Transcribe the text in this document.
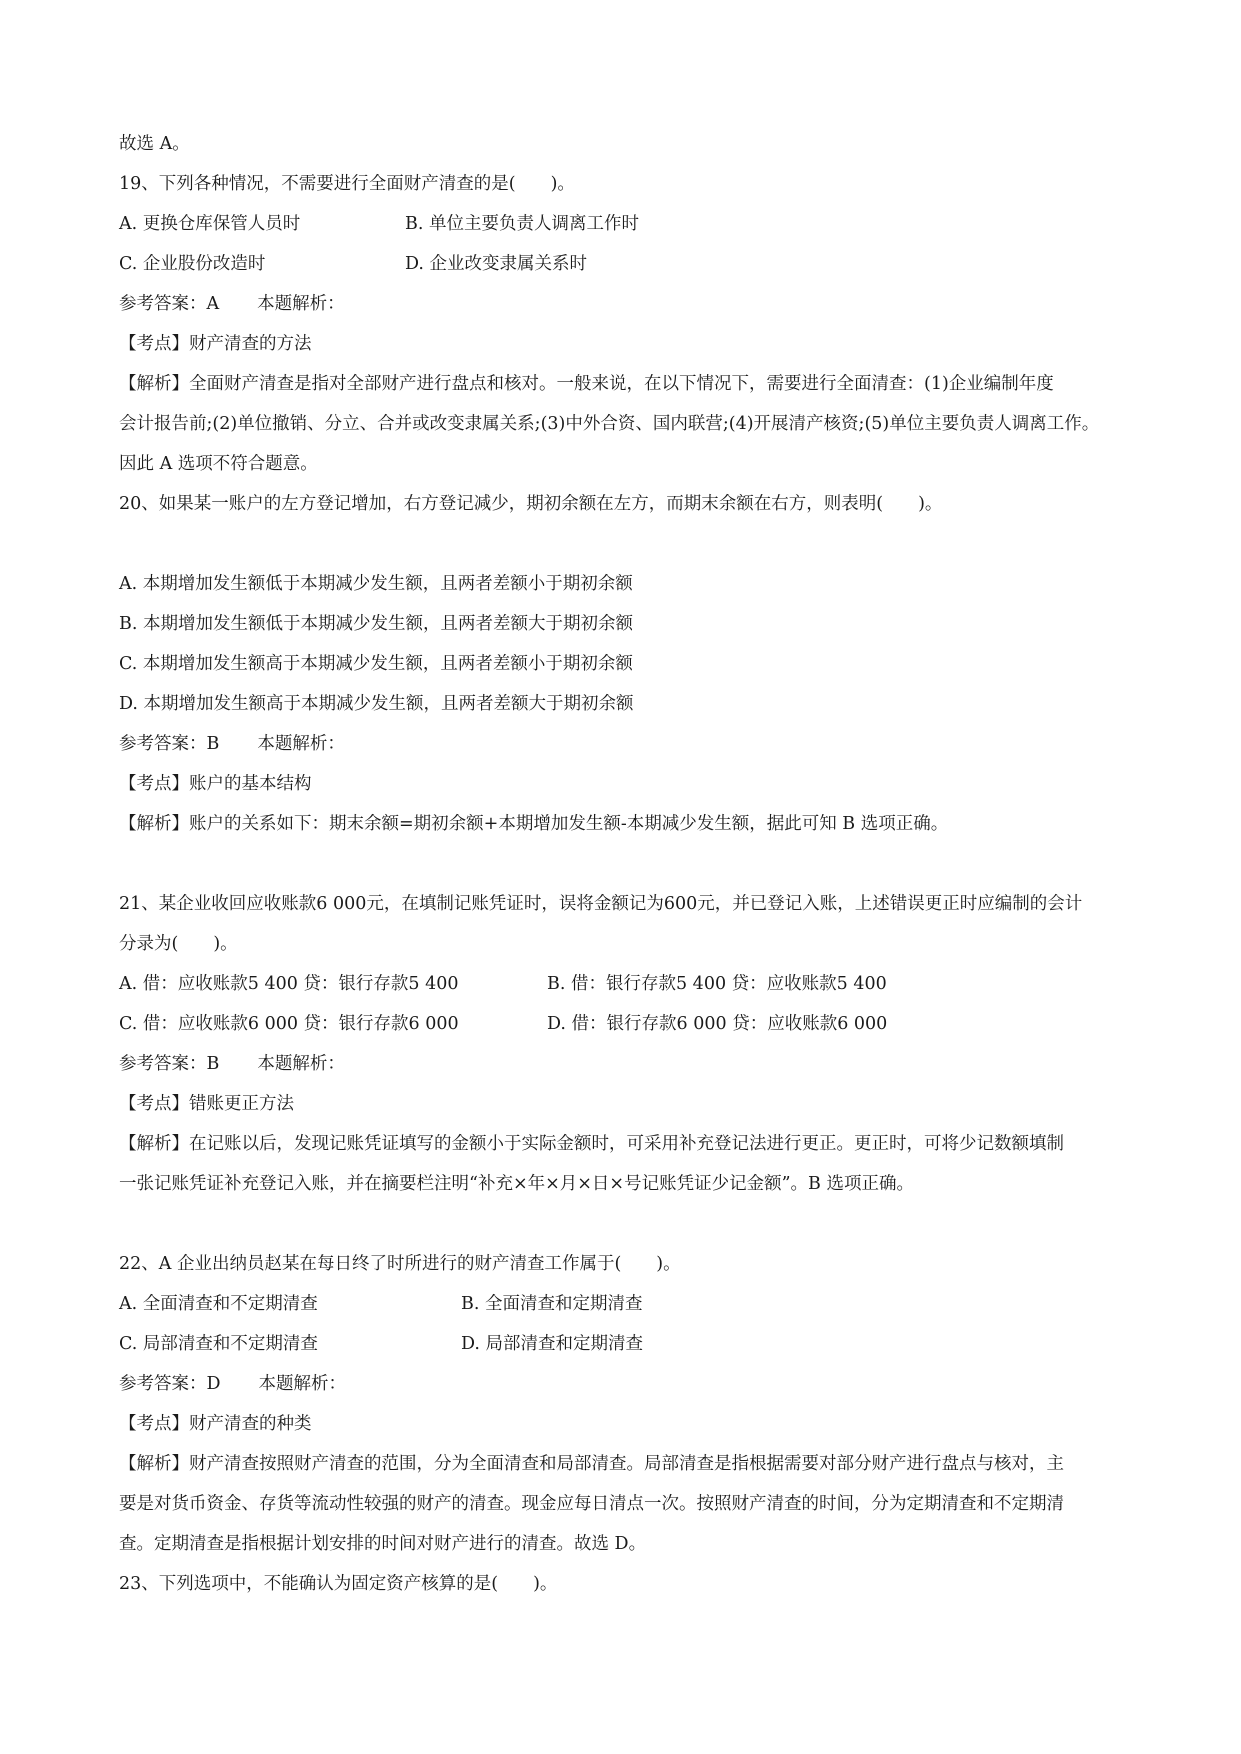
故选 A。
19、下列各种情况，不需要进行全面财产清查的是(　　)。
A. 更换仓库保管人员时	B. 单位主要负责人调离工作时
C. 企业股份改造时	D. 企业改变隶属关系时
参考答案：A 本题解析：
【考点】财产清查的方法
【解析】全面财产清查是指对全部财产进行盘点和核对。一般来说，在以下情况下，需要进行全面清查：(1)企业编制年度
会计报告前;(2)单位撤销、分立、合并或改变隶属关系;(3)中外合资、国内联营;(4)开展清产核资;(5)单位主要负责人调离工作。
因此 A 选项不符合题意。
20、如果某一账户的左方登记增加，右方登记减少，期初余额在左方，而期末余额在右方，则表明(　　)。
A. 本期增加发生额低于本期减少发生额，且两者差额小于期初余额
B. 本期增加发生额低于本期减少发生额，且两者差额大于期初余额
C. 本期增加发生额高于本期减少发生额，且两者差额小于期初余额
D. 本期增加发生额高于本期减少发生额，且两者差额大于期初余额
参考答案：B 本题解析：
【考点】账户的基本结构
【解析】账户的关系如下：期末余额=期初余额+本期增加发生额-本期减少发生额，据此可知 B 选项正确。
21、某企业收回应收账款6 000元，在填制记账凭证时，误将金额记为600元，并已登记入账，上述错误更正时应编制的会计
分录为(　　)。
A. 借：应收账款5 400 贷：银行存款5 400	B. 借：银行存款5 400 贷：应收账款5 400
C. 借：应收账款6 000 贷：银行存款6 000	D. 借：银行存款6 000 贷：应收账款6 000
参考答案：B 本题解析：
【考点】错账更正方法
【解析】在记账以后，发现记账凭证填写的金额小于实际金额时，可采用补充登记法进行更正。更正时，可将少记数额填制
一张记账凭证补充登记入账，并在摘要栏注明“补充×年×月×日×号记账凭证少记金额”。B 选项正确。
22、A 企业出纳员赵某在每日终了时所进行的财产清查工作属于(　　)。
A. 全面清查和不定期清查	B. 全面清查和定期清查
C. 局部清查和不定期清查	D. 局部清查和定期清查
参考答案：D 本题解析：
【考点】财产清查的种类
【解析】财产清查按照财产清查的范围，分为全面清查和局部清查。局部清查是指根据需要对部分财产进行盘点与核对，主
要是对货币资金、存货等流动性较强的财产的清查。现金应每日清点一次。按照财产清查的时间，分为定期清查和不定期清
查。定期清查是指根据计划安排的时间对财产进行的清查。故选 D。
23、下列选项中，不能确认为固定资产核算的是(　　)。
